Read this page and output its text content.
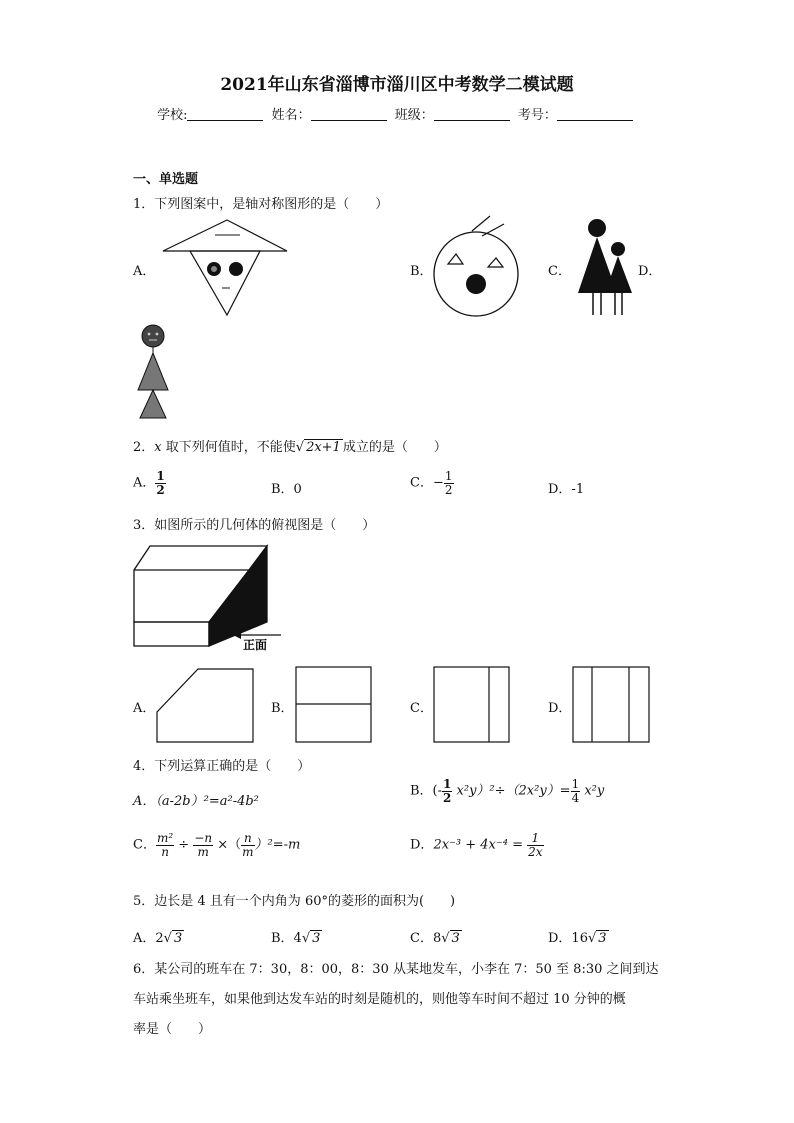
2021年山东省淄博市淄川区中考数学二模试题
学校:	姓名：	班级：	考号：
一、单选题
1．下列图案中，是轴对称图形的是（　　）
A．	B．	C．	D．
2．x 取下列何值时，不能使√ 2x+1 成立的是（　　）
A． $\frac{1}{2}$	B．0	C．− $\frac{1}{2}$	D．-1
3．如图所示的几何体的俯视图是（　　）
正面
A．	B．	C．	D．
4．下列运算正确的是（　　）
A．（a-2b）²=a²-4b²
B．(- $\frac{1}{2} x^2y)^2\div(2x^2y)= \frac{1}{4} x^2y$
C． $\frac{\text{m²}}{n} \div \frac{-n}{m}$ ×（ $\frac{n}{m} )^2=-m$	D．$2x^{-3} + 4x^{-4} = \frac{1}{2x}$
5．边长是 4 且有一个内角为 60°的菱形的面积为(　　)
A．2√ 3	B．4√ 3	C．8√ 3	D．16√ 3
6．某公司的班车在 7：30，8：00，8：30 从某地发车，小李在 7：50 至 8:30 之间到达
车站乘坐班车，如果他到达发车站的时刻是随机的，则他等车时间不超过 10 分钟的概
率是（　　）
